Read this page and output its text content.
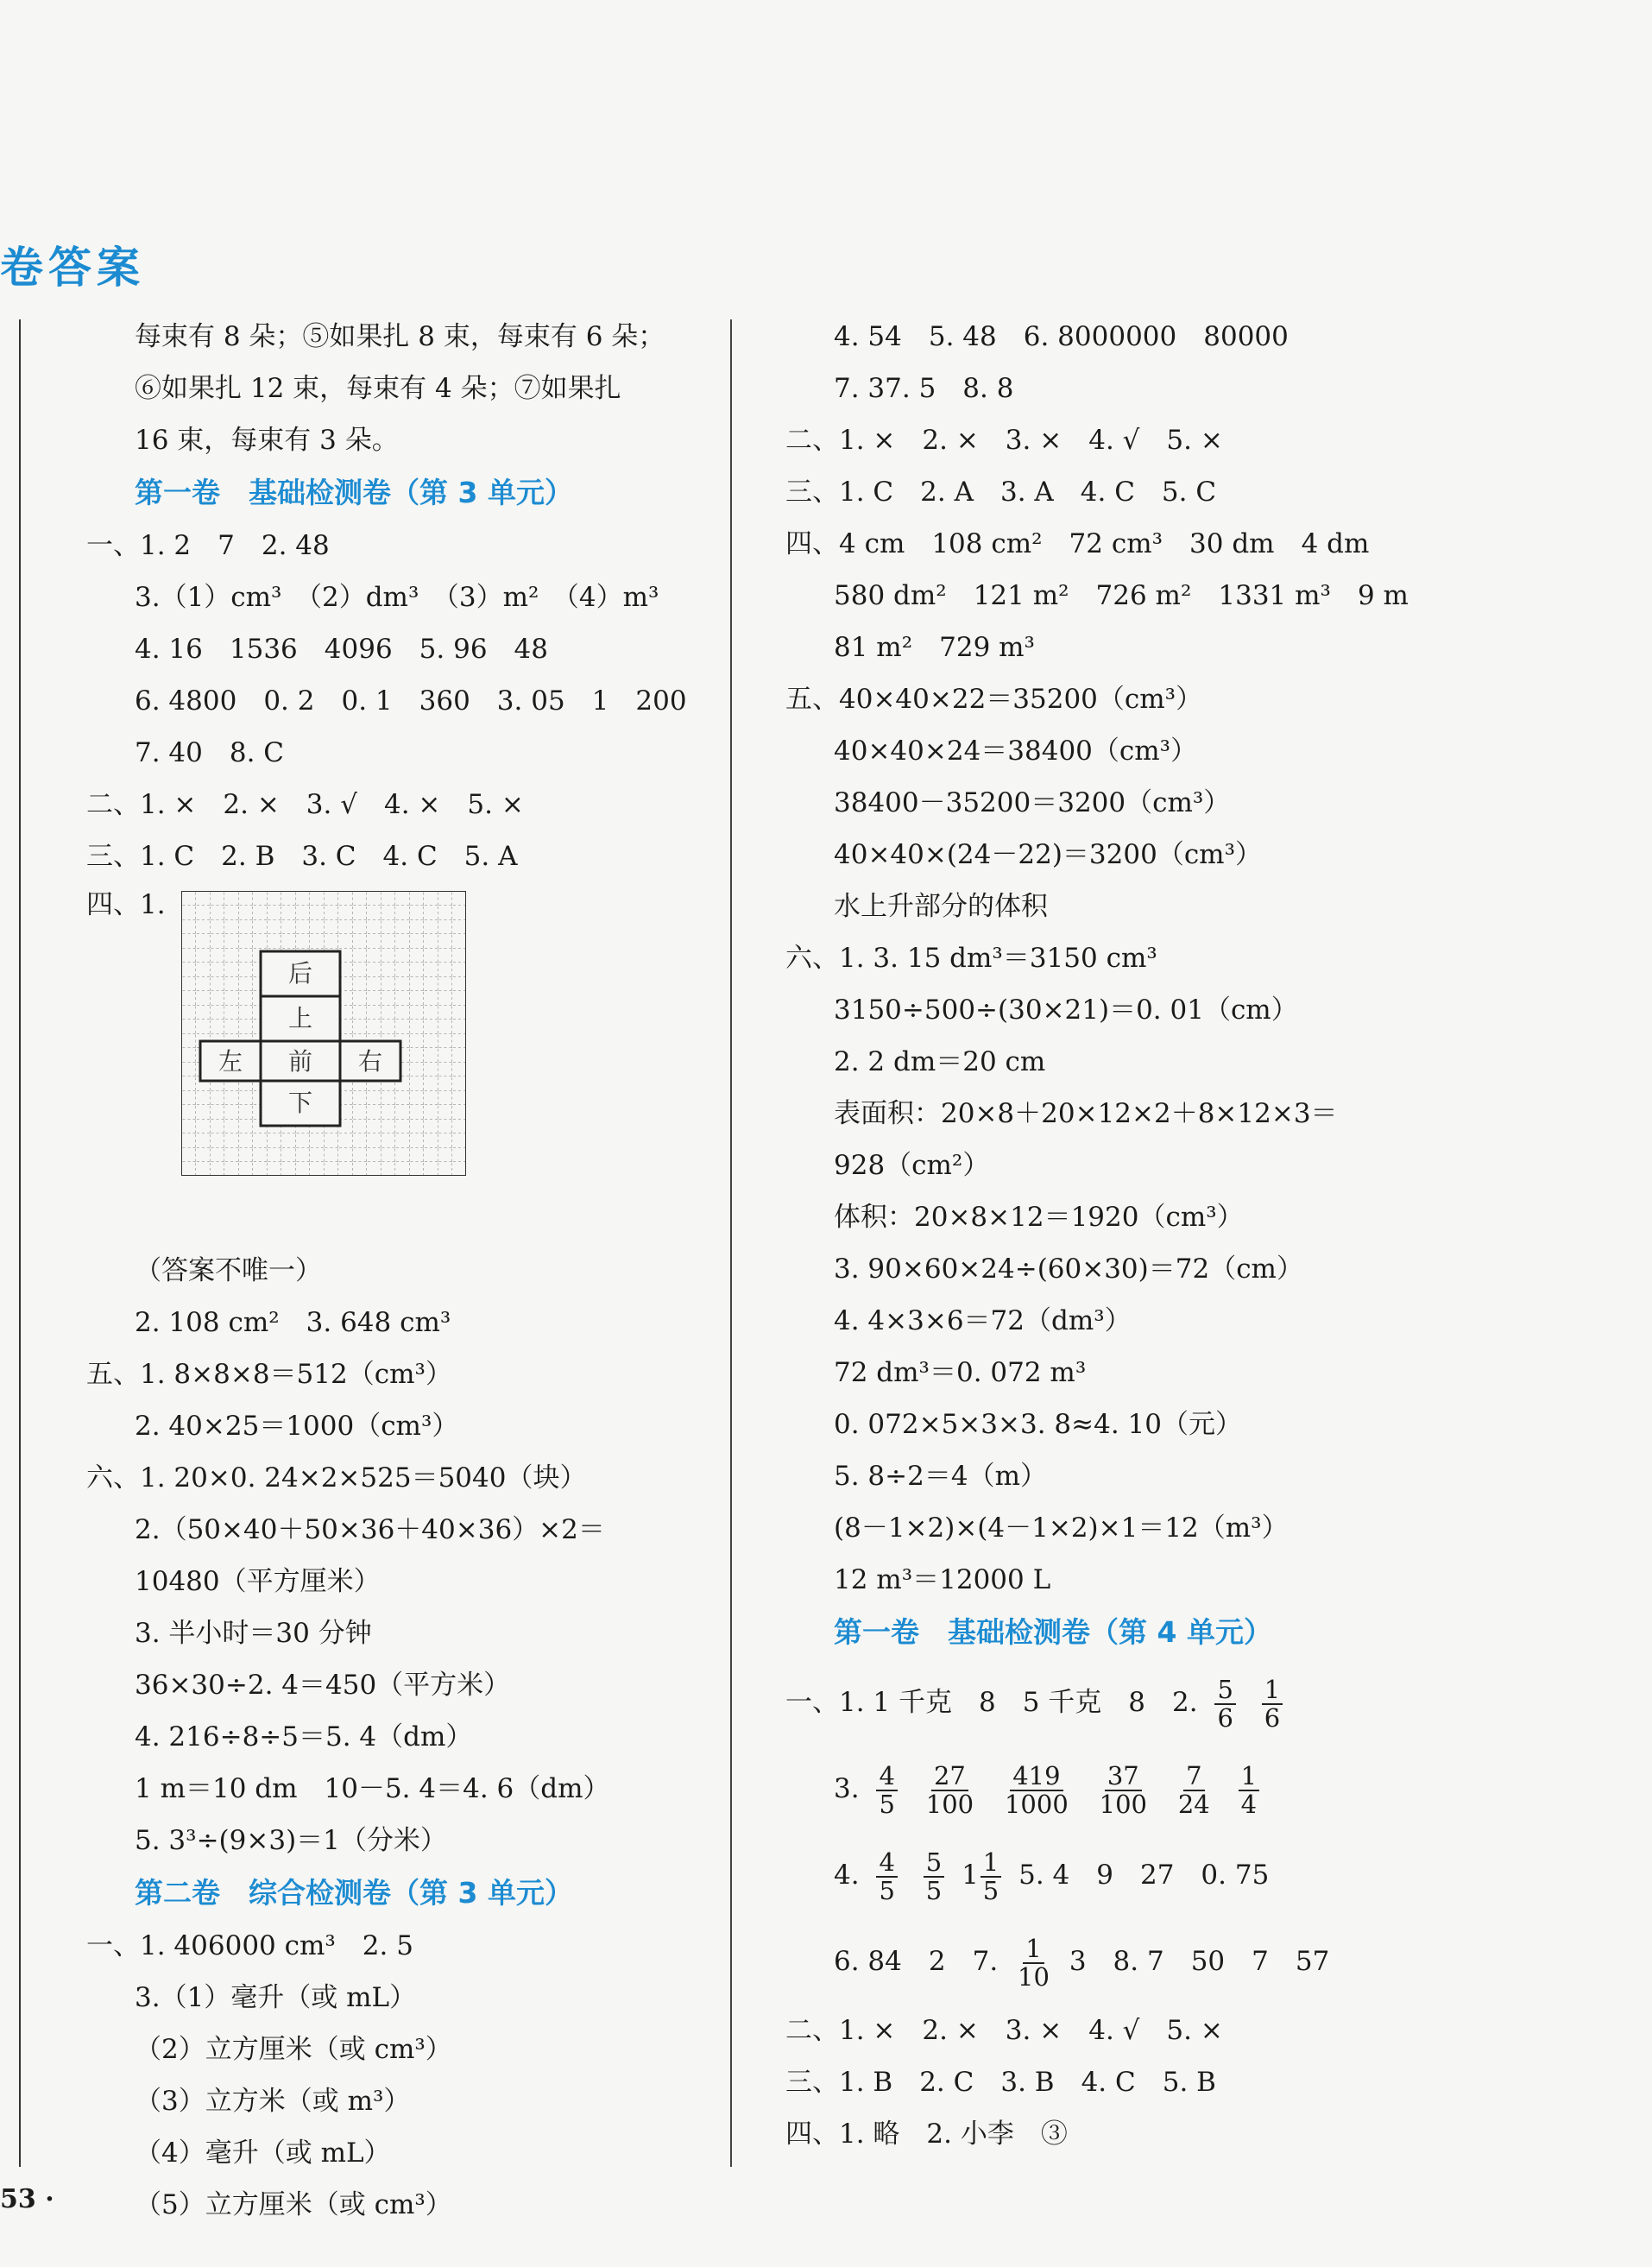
卷答案
每束有 8 朵；⑤如果扎 8 束，每束有 6 朵；
⑥如果扎 12 束，每束有 4 朵；⑦如果扎
16 束，每束有 3 朵。
第一卷　基础检测卷（第 3 单元）
一、1. 2　7　2. 48
3.（1）cm³　（2）dm³　（3）m²　（4）m³
4. 16　1536　4096　5. 96　48
6. 4800　0. 2　0. 1　360　3. 05　1　200
7. 40　8. C
二、1. ×　2. ×　3. √　4. ×　5. ×
三、1. C　2. B　3. C　4. C　5. A
四、1.
后
上
左 前 右
下
（答案不唯一）
2. 108 cm²　3. 648 cm³
五、1. 8×8×8＝512（cm³）
2. 40×25＝1000（cm³）
六、1. 20×0. 24×2×525＝5040（块）
2.（50×40＋50×36＋40×36）×2＝
10480（平方厘米）
3. 半小时＝30 分钟
36×30÷2. 4＝450（平方米）
4. 216÷8÷5＝5. 4（dm）
1 m＝10 dm　10－5. 4＝4. 6（dm）
5. 3³÷(9×3)＝1（分米）
第二卷　综合检测卷（第 3 单元）
一、1. 406000 cm³　2. 5
3.（1）毫升（或 mL）
（2）立方厘米（或 cm³）
（3）立方米（或 m³）
（4）毫升（或 mL）
（5）立方厘米（或 cm³）
4. 54　5. 48　6. 8000000　80000
7. 37. 5　8. 8
二、1. ×　2. ×　3. ×　4. √　5. ×
三、1. C　2. A　3. A　4. C　5. C
四、4 cm　108 cm²　72 cm³　30 dm　4 dm
580 dm²　121 m²　726 m²　1331 m³　9 m
81 m²　729 m³
五、40×40×22＝35200（cm³）
40×40×24＝38400（cm³）
38400－35200＝3200（cm³）
40×40×(24－22)＝3200（cm³）
水上升部分的体积
六、1. 3. 15 dm³＝3150 cm³
3150÷500÷(30×21)＝0. 01（cm）
2. 2 dm＝20 cm
表面积：20×8＋20×12×2＋8×12×3＝
928（cm²）
体积：20×8×12＝1920（cm³）
3. 90×60×24÷(60×30)＝72（cm）
4. 4×3×6＝72（dm³）
72 dm³＝0. 072 m³
0. 072×5×3×3. 8≈4. 10（元）
5. 8÷2＝4（m）
(8－1×2)×(4－1×2)×1＝12（m³）
12 m³＝12000 L
第一卷　基础检测卷（第 4 单元）
一、1. 1 千克　8　5 千克　8　2. $\frac{5}{6}$
$\frac{1}{6}$
3. $\frac{4}{5}$
$\frac{27}{100}$
$\frac{419}{1000}$
$\frac{37}{100}$
$\frac{7}{24}$
$\frac{1}{4}$
4. $\frac{4}{5}$
$\frac{5}{5} 1 \frac{1}{5} 5$. 4　9　27　0. 75
6. 84　2　7. $\frac{1}{10} 3$　8. 7　50　7　57
二、1. ×　2. ×　3. ×　4. √　5. ×
三、1. B　2. C　3. B　4. C　5. B
四、1. 略　2. 小李　③
53 ·
